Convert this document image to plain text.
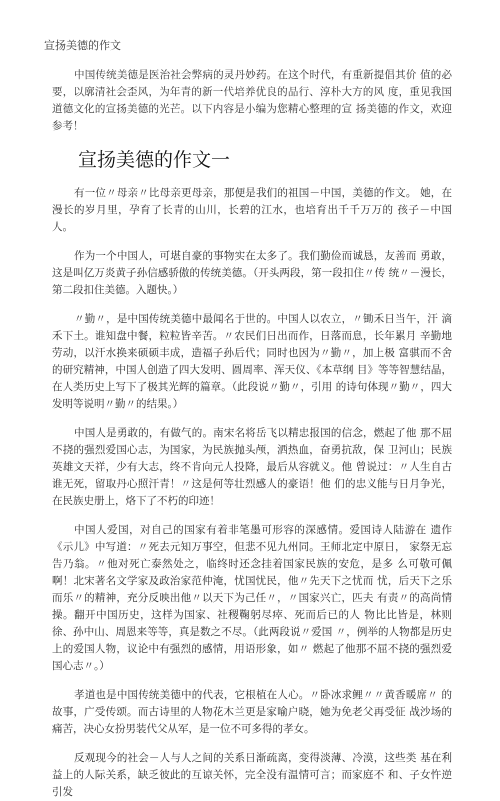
宣扬美德的作文

中国传统美德是医治社会弊病的灵丹妙药。在这个时代，有重新提倡其价 值的必要，以廓清社会歪风，为年青的新一代培养优良的品行、淳朴大方的风 度，重见我国道德文化的宣扬美德的光芒。以下内容是小编为您精心整理的宣 扬美德的作文，欢迎参考！

宣扬美德的作文一

有一位〃母亲〃比母亲更母亲，那便是我们的祖国－中国，美德的作文。 她，在漫长的岁月里，孕育了长青的山川，长碧的江水，也培育出千千万万的 孩子－中国人。

作为一个中国人，可堪自豪的事物实在太多了。我们勤俭而诚恳，友善而 勇敢，这是叫亿万炎黄子孙信感骄傲的传统美德。（开头两段，第一段扣住〃传 统〃－漫长，第二段扣住美德。入题快。）

〃勤〃，是中国传统美德中最闻名于世的。中国人以农立，〃锄禾日当午，汗 滴禾下土。谁知盘中餐，粒粒皆辛苦。〃农民们日出而作，日落而息，长年累月 辛勤地劳动，以汗水换来硕硕丰成，造福子孙后代；同时也因为〃勤〃，加上极 富骐而不舍的研究精神，中国人创造了四大发明、圆周率、浑天仪、《本草纲 目》等等智慧结晶，在人类历史上写下了极其光辉的篇章。（此段说〃勤〃，引用 的诗句体现〃勤〃，四大发明等说明〃勤〃的结果。）

中国人是勇敢的，有做气的。南宋名将岳飞以精忠报国的信念，燃起了他 那不屈不挠的强烈爱国心志，为国家，为民族抛头颅，洒热血，奋勇抗敌，保 卫河山；民族英雄文天祥，少有大志，终不肯向元人投降，最后从容就义。他 曾说过：〃人生自古谁无死，留取丹心照汗青！〃这是何等壮烈感人的豪语！他 们的忠义能与日月争光，在民族史册上，烙下了不朽的印迹！

中国人爱国，对自己的国家有着非笔墨可形容的深感情。爱国诗人陆游在 遗作《示儿》中写道：〃死去元知万事空，但悲不见九州同。王师北定中原日， 家祭无忘告乃翁。〃他对死亡泰然处之，临终时还念挂着国家民族的安危，是多 么可敬可佩啊！北宋著名文学家及政治家范仲淹，忧国忧民，他〃先天下之忧而 忧，后天下之乐而乐〃的精神，充分反映出他〃以天下为己任〃，〃国家兴亡，匹夫 有责〃的高尚情操。翻开中国历史，这样为国家、社稷鞠躬尽瘁、死而后已的人 物比比皆是，林则徐、孙中山、周恩来等等，真是数之不尽。（此两段说〃爱国 〃，例举的人物都是历史上的爱国人物，议论中有强烈的感情，用语形象，如〃 燃起了他那不屈不挠的强烈爱国心志〃。）

孝道也是中国传统美德中的代表，它根植在人心。〃卧冰求鲤〃〃黄香暖席〃 的故事，广受传颂。而古诗里的人物花木兰更是家喻户晓，她为免老父再受征 战沙场的痛苦，决心女扮男装代父从军，是一位不可多得的孝女。

反观现今的社会－人与人之间的关系日渐疏离，变得淡薄、冷漠，这些类 基在利益上的人际关系，缺乏彼此的互谅关怀，完全没有温情可言；而家庭不 和、子女忤逆引发
